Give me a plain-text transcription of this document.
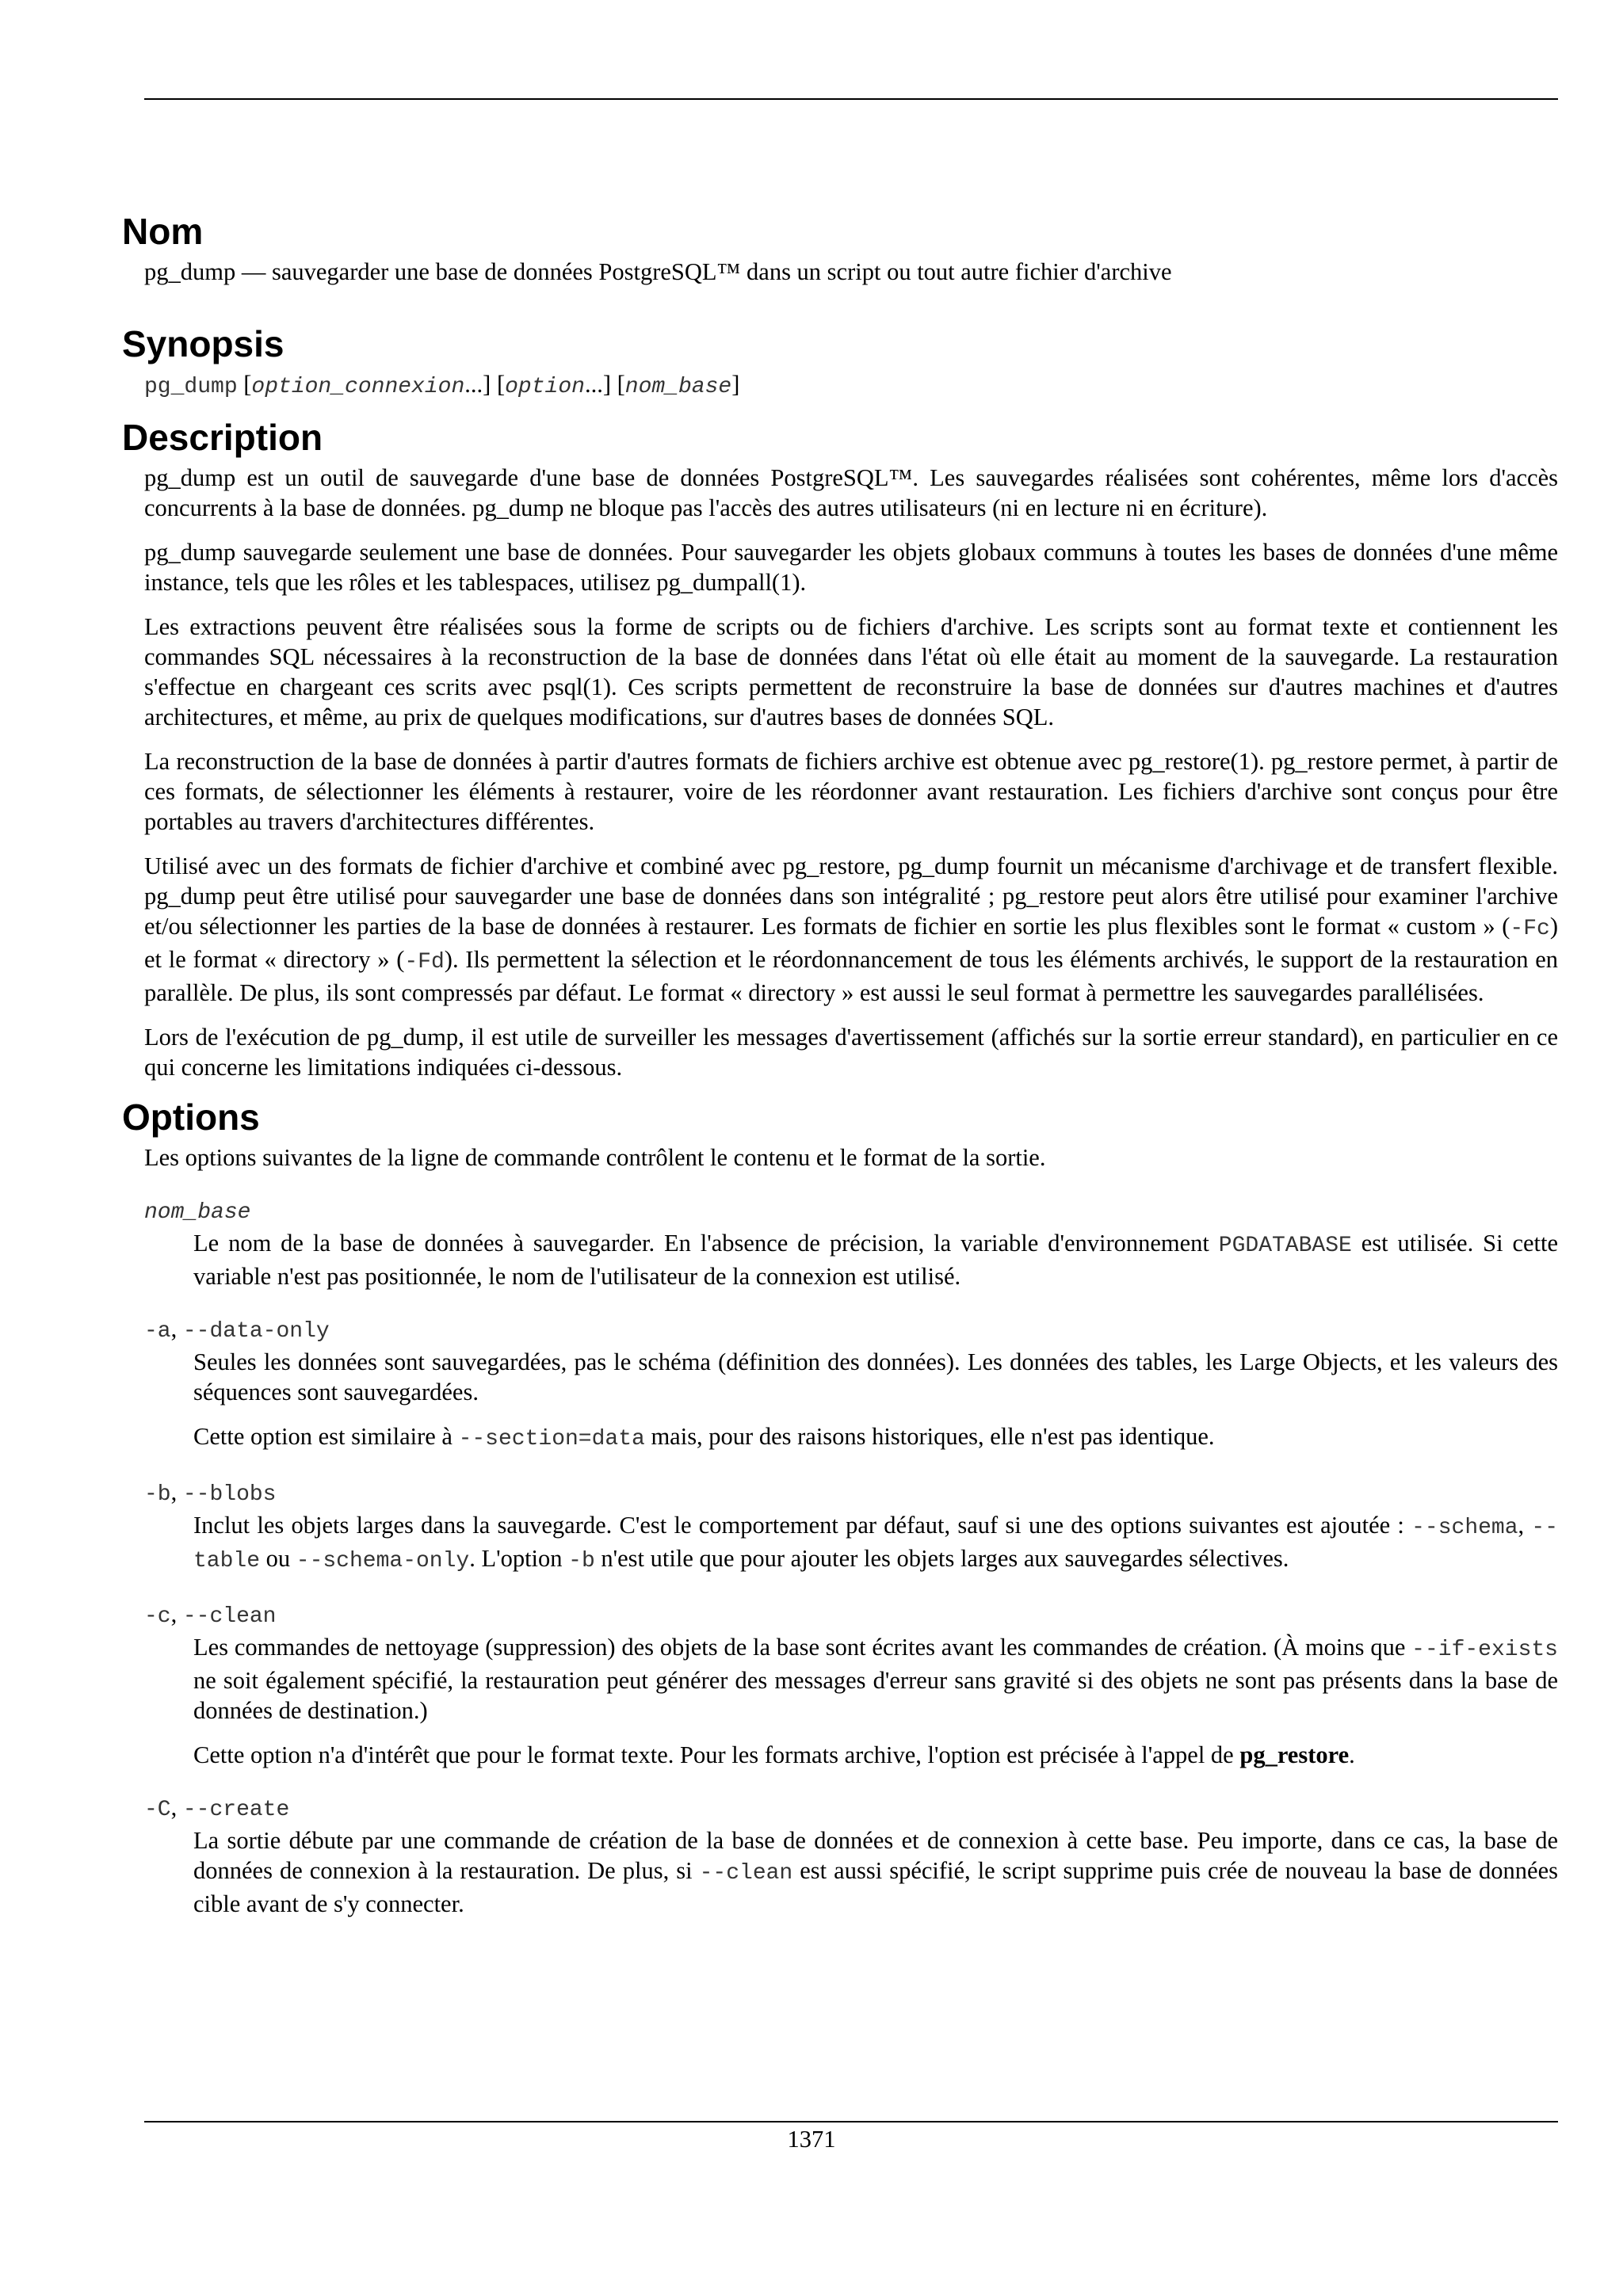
Nom

pg_dump — sauvegarder une base de données PostgreSQL™ dans un script ou tout autre fichier d'archive

Synopsis

pg_dump [option_connexion...] [option...] [nom_base]

Description

pg_dump est un outil de sauvegarde d'une base de données PostgreSQL™. Les sauvegardes réalisées sont cohérentes, même lors d'accès concurrents à la base de données. pg_dump ne bloque pas l'accès des autres utilisateurs (ni en lecture ni en écriture).

pg_dump sauvegarde seulement une base de données. Pour sauvegarder les objets globaux communs à toutes les bases de données d'une même instance, tels que les rôles et les tablespaces, utilisez pg_dumpall(1).

Les extractions peuvent être réalisées sous la forme de scripts ou de fichiers d'archive. Les scripts sont au format texte et contiennent les commandes SQL nécessaires à la reconstruction de la base de données dans l'état où elle était au moment de la sauvegarde. La restauration s'effectue en chargeant ces scrits avec psql(1). Ces scripts permettent de reconstruire la base de données sur d'autres machines et d'autres architectures, et même, au prix de quelques modifications, sur d'autres bases de données SQL.

La reconstruction de la base de données à partir d'autres formats de fichiers archive est obtenue avec pg_restore(1). pg_restore permet, à partir de ces formats, de sélectionner les éléments à restaurer, voire de les réordonner avant restauration. Les fichiers d'archive sont conçus pour être portables au travers d'architectures différentes.

Utilisé avec un des formats de fichier d'archive et combiné avec pg_restore, pg_dump fournit un mécanisme d'archivage et de transfert flexible. pg_dump peut être utilisé pour sauvegarder une base de données dans son intégralité ; pg_restore peut alors être utilisé pour examiner l'archive et/ou sélectionner les parties de la base de données à restaurer. Les formats de fichier en sortie les plus flexibles sont le format « custom » (-Fc) et le format « directory » (-Fd). Ils permettent la sélection et le réordonnancement de tous les éléments archivés, le support de la restauration en parallèle. De plus, ils sont compressés par défaut. Le format « directory » est aussi le seul format à permettre les sauvegardes parallélisées.

Lors de l'exécution de pg_dump, il est utile de surveiller les messages d'avertissement (affichés sur la sortie erreur standard), en particulier en ce qui concerne les limitations indiquées ci-dessous.

Options

Les options suivantes de la ligne de commande contrôlent le contenu et le format de la sortie.

nom_base

Le nom de la base de données à sauvegarder. En l'absence de précision, la variable d'environnement PGDATABASE est utilisée. Si cette variable n'est pas positionnée, le nom de l'utilisateur de la connexion est utilisé.

-a, --data-only

Seules les données sont sauvegardées, pas le schéma (définition des données). Les données des tables, les Large Objects, et les valeurs des séquences sont sauvegardées.

Cette option est similaire à --section=data mais, pour des raisons historiques, elle n'est pas identique.

-b, --blobs

Inclut les objets larges dans la sauvegarde. C'est le comportement par défaut, sauf si une des options suivantes est ajoutée : --schema, --table ou --schema-only. L'option -b n'est utile que pour ajouter les objets larges aux sauvegardes sélectives.

-c, --clean

Les commandes de nettoyage (suppression) des objets de la base sont écrites avant les commandes de création. (À moins que --if-exists ne soit également spécifié, la restauration peut générer des messages d'erreur sans gravité si des objets ne sont pas présents dans la base de données de destination.)

Cette option n'a d'intérêt que pour le format texte. Pour les formats archive, l'option est précisée à l'appel de pg_restore.

-C, --create

La sortie débute par une commande de création de la base de données et de connexion à cette base. Peu importe, dans ce cas, la base de données de connexion à la restauration. De plus, si --clean est aussi spécifié, le script supprime puis crée de nouveau la base de données cible avant de s'y connecter.

1371
